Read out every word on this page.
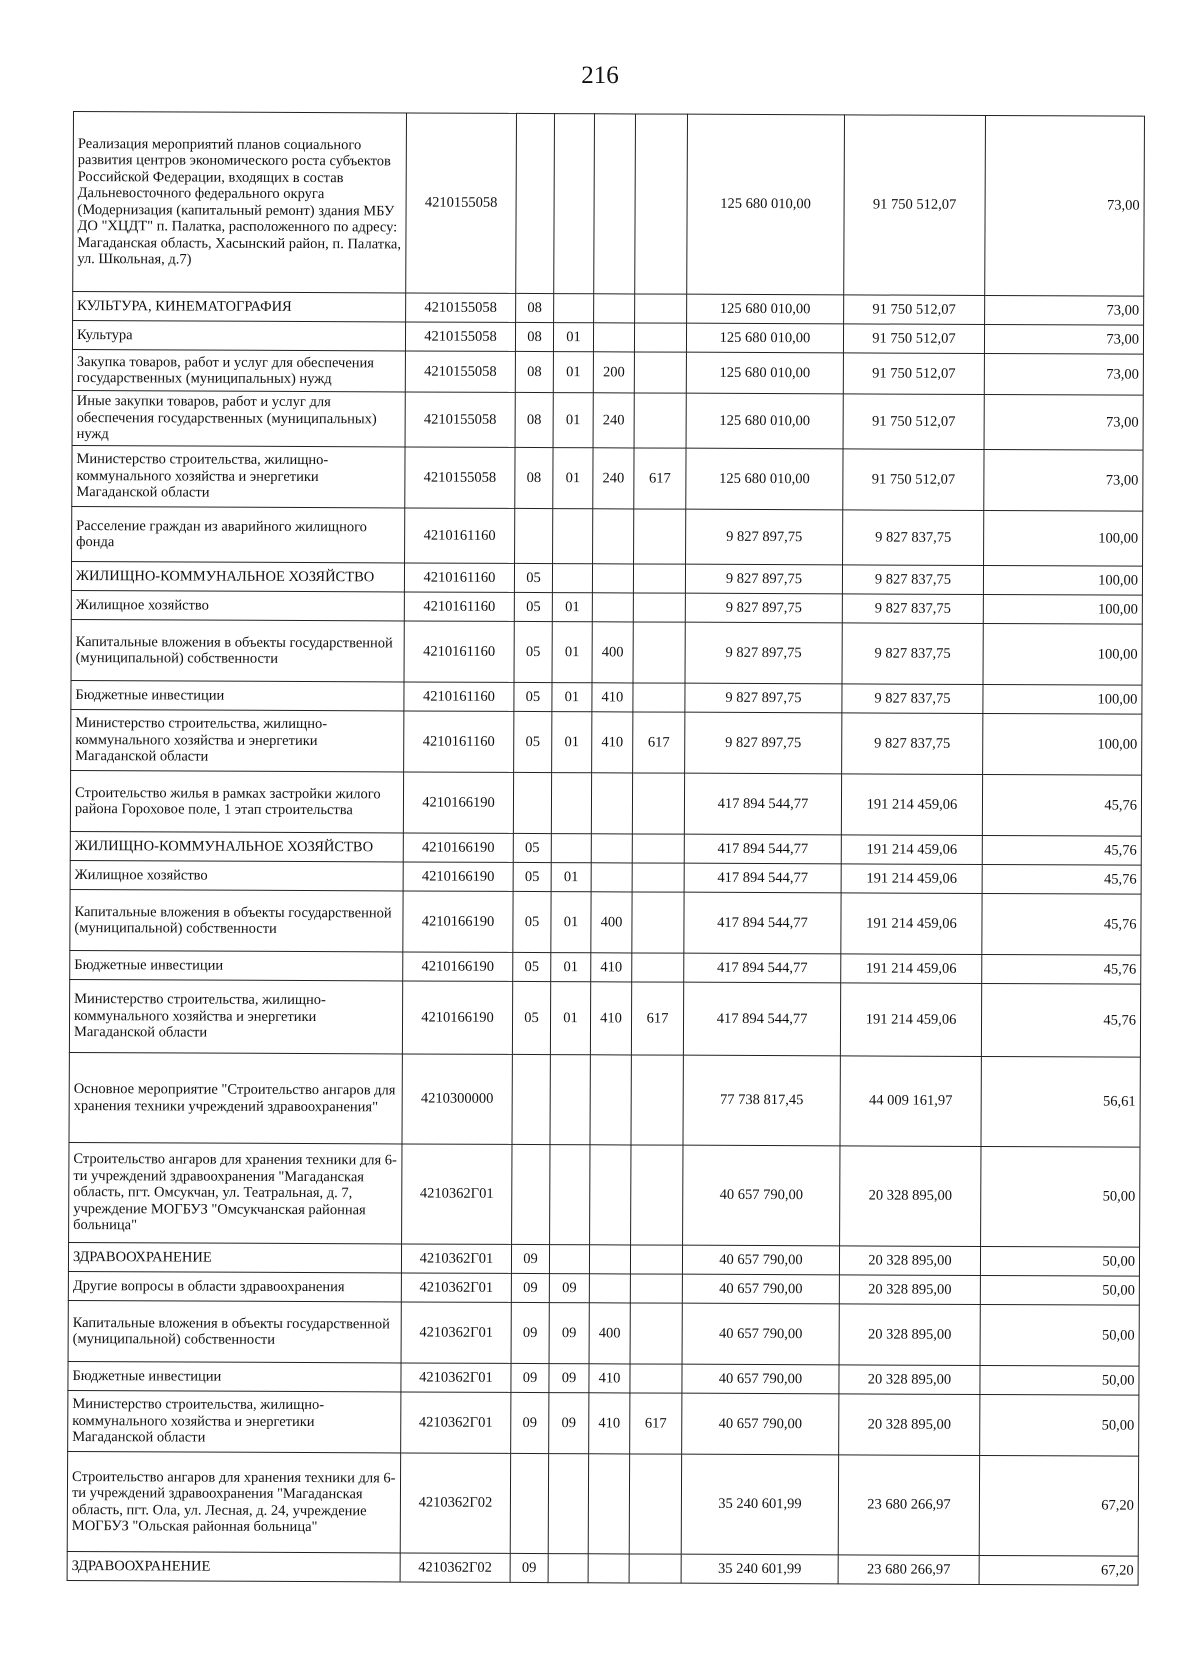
216
Реализация мероприятий планов социального развития центров экономического роста субъектов Российской Федерации, входящих в состав Дальневосточного федерального округа (Модернизация (капитальный ремонт) здания МБУ ДО "ХЦДТ" п. Палатка, расположенного по адресу: Магаданская область, Хасынский район, п. Палатка, ул. Школьная, д.7)	4210155058					125 680 010,00	91 750 512,07	73,00
КУЛЬТУРА, КИНЕМАТОГРАФИЯ	4210155058	08				125 680 010,00	91 750 512,07	73,00
Культура	4210155058	08	01			125 680 010,00	91 750 512,07	73,00
Закупка товаров, работ и услуг для обеспечения государственных (муниципальных) нужд	4210155058	08	01	200		125 680 010,00	91 750 512,07	73,00
Иные закупки товаров, работ и услуг для обеспечения государственных (муниципальных) нужд	4210155058	08	01	240		125 680 010,00	91 750 512,07	73,00
Министерство строительства, жилищно-коммунального хозяйства и энергетики Магаданской области	4210155058	08	01	240	617	125 680 010,00	91 750 512,07	73,00
Расселение граждан из аварийного жилищного фонда	4210161160					9 827 897,75	9 827 837,75	100,00
ЖИЛИЩНО-КОММУНАЛЬНОЕ ХОЗЯЙСТВО	4210161160	05				9 827 897,75	9 827 837,75	100,00
Жилищное хозяйство	4210161160	05	01			9 827 897,75	9 827 837,75	100,00
Капитальные вложения в объекты государственной (муниципальной) собственности	4210161160	05	01	400		9 827 897,75	9 827 837,75	100,00
Бюджетные инвестиции	4210161160	05	01	410		9 827 897,75	9 827 837,75	100,00
Министерство строительства, жилищно-коммунального хозяйства и энергетики Магаданской области	4210161160	05	01	410	617	9 827 897,75	9 827 837,75	100,00
Строительство жилья в рамках застройки жилого района Гороховое поле, 1 этап строительства	4210166190					417 894 544,77	191 214 459,06	45,76
ЖИЛИЩНО-КОММУНАЛЬНОЕ ХОЗЯЙСТВО	4210166190	05				417 894 544,77	191 214 459,06	45,76
Жилищное хозяйство	4210166190	05	01			417 894 544,77	191 214 459,06	45,76
Капитальные вложения в объекты государственной (муниципальной) собственности	4210166190	05	01	400		417 894 544,77	191 214 459,06	45,76
Бюджетные инвестиции	4210166190	05	01	410		417 894 544,77	191 214 459,06	45,76
Министерство строительства, жилищно-коммунального хозяйства и энергетики Магаданской области	4210166190	05	01	410	617	417 894 544,77	191 214 459,06	45,76
Основное мероприятие "Строительство ангаров для хранения техники учреждений здравоохранения"	4210300000					77 738 817,45	44 009 161,97	56,61
Строительство ангаров для хранения техники для 6-ти учреждений здравоохранения "Магаданская область, пгт. Омсукчан, ул. Театральная, д. 7, учреждение МОГБУЗ "Омсукчанская районная больница"	4210362Г01					40 657 790,00	20 328 895,00	50,00
ЗДРАВООХРАНЕНИЕ	4210362Г01	09				40 657 790,00	20 328 895,00	50,00
Другие вопросы в области здравоохранения	4210362Г01	09	09			40 657 790,00	20 328 895,00	50,00
Капитальные вложения в объекты государственной (муниципальной) собственности	4210362Г01	09	09	400		40 657 790,00	20 328 895,00	50,00
Бюджетные инвестиции	4210362Г01	09	09	410		40 657 790,00	20 328 895,00	50,00
Министерство строительства, жилищно-коммунального хозяйства и энергетики Магаданской области	4210362Г01	09	09	410	617	40 657 790,00	20 328 895,00	50,00
Строительство ангаров для хранения техники для 6-ти учреждений здравоохранения "Магаданская область, пгт. Ола, ул. Лесная, д. 24, учреждение МОГБУЗ "Ольская районная больница"	4210362Г02					35 240 601,99	23 680 266,97	67,20
ЗДРАВООХРАНЕНИЕ	4210362Г02	09				35 240 601,99	23 680 266,97	67,20
